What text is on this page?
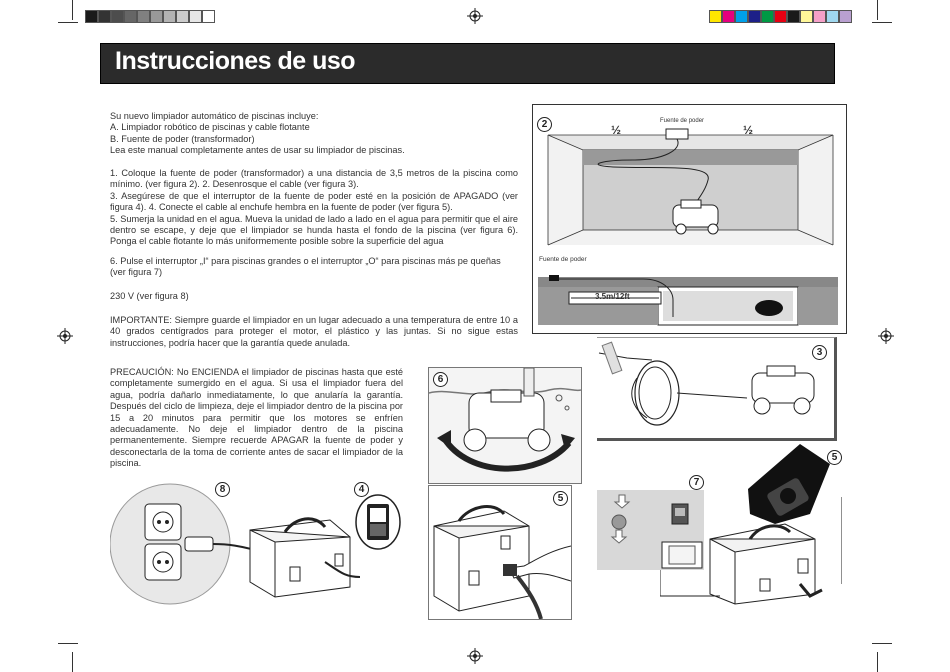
Instrucciones de uso

Su nuevo limpiador automático de piscinas incluye:

A. Limpiador robótico de piscinas y cable flotante

B. Fuente de poder (transformador)

Lea este manual completamente antes de usar su limpiador de piscinas.

1. Coloque la fuente de poder (transformador) a una distancia de 3,5 metros de la piscina como mínimo. (ver figura 2). 2. Desenrosque el cable (ver figura 3).

3. Asegúrese de que el interruptor de la fuente de poder esté en la posición de APAGADO (ver figura 4). 4. Conecte el cable al enchufe hembra en la fuente de poder (ver figura 5).

5. Sumerja la unidad en el agua. Mueva la unidad de lado a lado en el agua para permitir que el aire dentro se escape, y deje que el limpiador se hunda hasta el fondo de la piscina (ver figura 6). Ponga el cable flotante lo más uniformemente posible sobre la superficie del agua

6. Pulse el interruptor „I“ para piscinas grandes o el interruptor „O“ para piscinas más pe queñas (ver figura 7)

230 V (ver figura 8)

IMPORTANTE: Siempre guarde el limpiador en un lugar adecuado a una temperatura de entre 10 a 40 grados centígrados para proteger el motor, el plástico y las juntas. Si no sigue estas instrucciones, podría hacer que la garantía quede anulada.

PRECAUCIÓN: No ENCIENDA el limpiador de piscinas hasta que esté completamente sumergido en el agua. Si usa el limpiador fuera del agua, podría dañarlo inmediatamente, lo que anularía la garantía. Después del ciclo de limpieza, deje el limpiador dentro de la piscina por 15 a 20 minutos para permitir que los motores se enfríen adecuadamente. No deje el limpiador dentro de la piscina permanentemente. Siempre recuerde APAGAR la fuente de poder y desconectarla de la toma de corriente antes de sacar el limpiador de la piscina.

2	Fuente de poder
½	½
Fuente de poder
3.5m/12ft
3
6
8	4
5
7
5
